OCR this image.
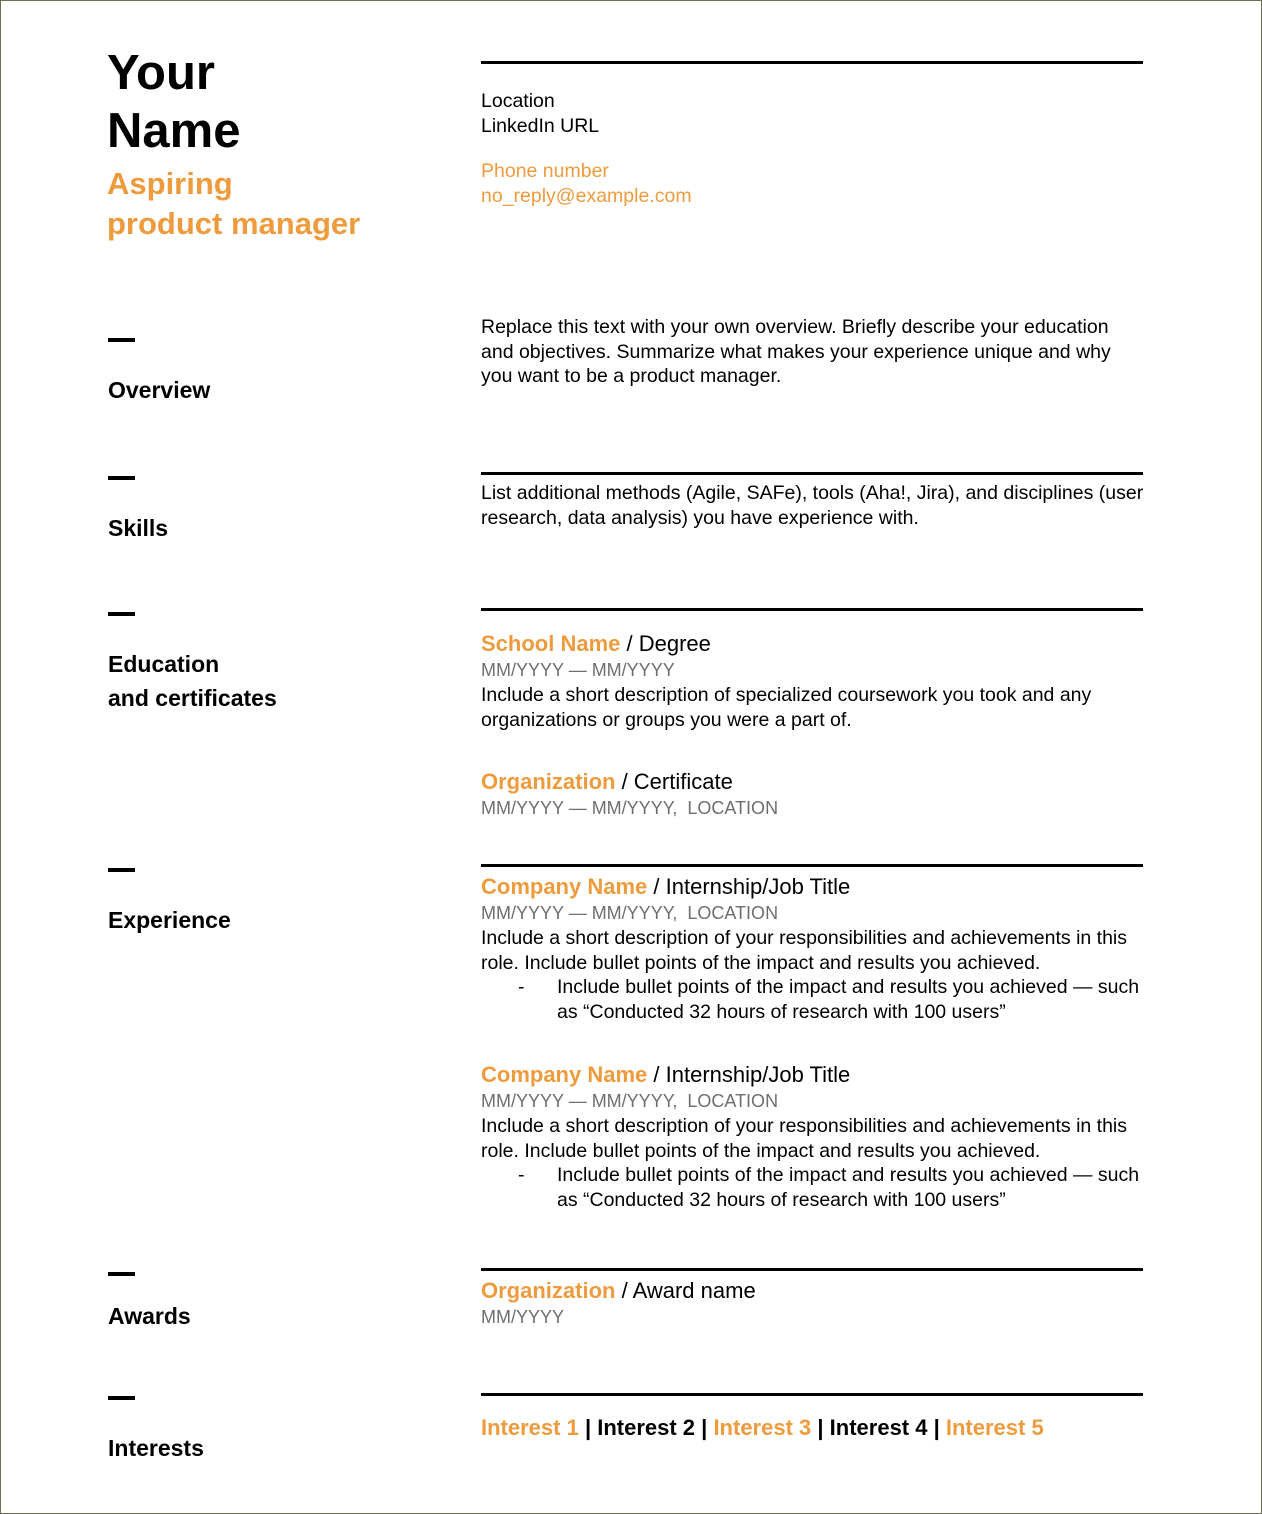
Your
Name
Aspiring
product manager
Location
LinkedIn URL
Phone number
no_reply@example.com
Overview
Replace this text with your own overview. Briefly describe your education and objectives. Summarize what makes your experience unique and why you want to be a product manager.
Skills
List additional methods (Agile, SAFe), tools (Aha!, Jira), and disciplines (user research, data analysis) you have experience with.
Education
and certificates
School Name / Degree
MM/YYYY — MM/YYYY
Include a short description of specialized coursework you took and any organizations or groups you were a part of.
Organization / Certificate
MM/YYYY — MM/YYYY,  LOCATION
Experience
Company Name / Internship/Job Title
MM/YYYY — MM/YYYY,  LOCATION
Include a short description of your responsibilities and achievements in this role. Include bullet points of the impact and results you achieved.
- Include bullet points of the impact and results you achieved — such as “Conducted 32 hours of research with 100 users”
Company Name / Internship/Job Title
MM/YYYY — MM/YYYY,  LOCATION
Include a short description of your responsibilities and achievements in this role. Include bullet points of the impact and results you achieved.
- Include bullet points of the impact and results you achieved — such as “Conducted 32 hours of research with 100 users”
Awards
Organization / Award name
MM/YYYY
Interests
Interest 1 | Interest 2 | Interest 3 | Interest 4 | Interest 5
